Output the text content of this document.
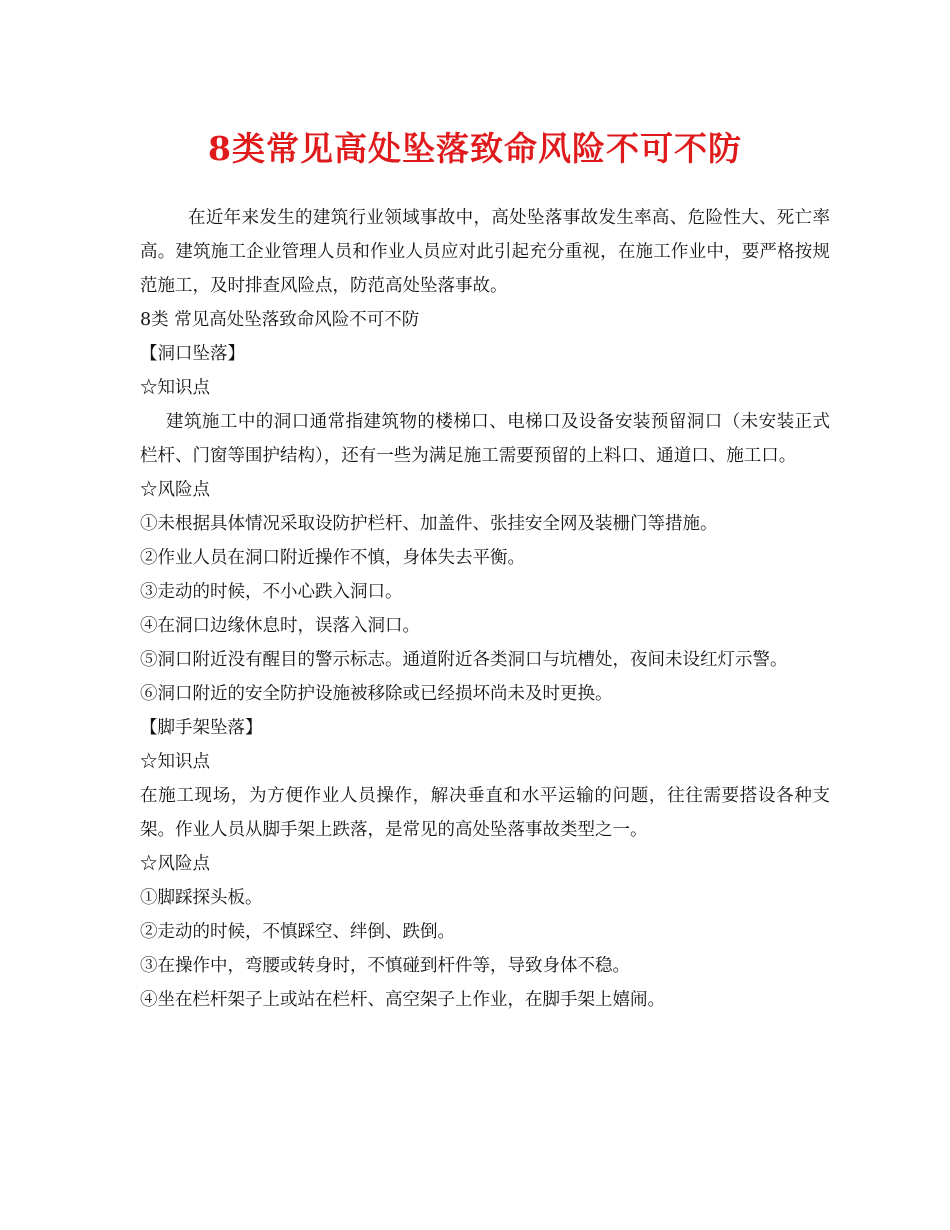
8类常见高处坠落致命风险不可不防

在近年来发生的建筑行业领域事故中，高处坠落事故发生率高、危险性大、死亡率高。建筑施工企业管理人员和作业人员应对此引起充分重视，在施工作业中，要严格按规范施工，及时排查风险点，防范高处坠落事故。

8类 常见高处坠落致命风险不可不防

【洞口坠落】

☆知识点

建筑施工中的洞口通常指建筑物的楼梯口、电梯口及设备安装预留洞口（未安装正式栏杆、门窗等围护结构），还有一些为满足施工需要预留的上料口、通道口、施工口。

☆风险点

①未根据具体情况采取设防护栏杆、加盖件、张挂安全网及装栅门等措施。

②作业人员在洞口附近操作不慎，身体失去平衡。

③走动的时候，不小心跌入洞口。

④在洞口边缘休息时，误落入洞口。

⑤洞口附近没有醒目的警示标志。通道附近各类洞口与坑槽处，夜间未设红灯示警。

⑥洞口附近的安全防护设施被移除或已经损坏尚未及时更换。

【脚手架坠落】

☆知识点

在施工现场，为方便作业人员操作，解决垂直和水平运输的问题，往往需要搭设各种支架。作业人员从脚手架上跌落，是常见的高处坠落事故类型之一。

☆风险点

①脚踩探头板。

②走动的时候，不慎踩空、绊倒、跌倒。

③在操作中，弯腰或转身时，不慎碰到杆件等，导致身体不稳。

④坐在栏杆架子上或站在栏杆、高空架子上作业，在脚手架上嬉闹。
